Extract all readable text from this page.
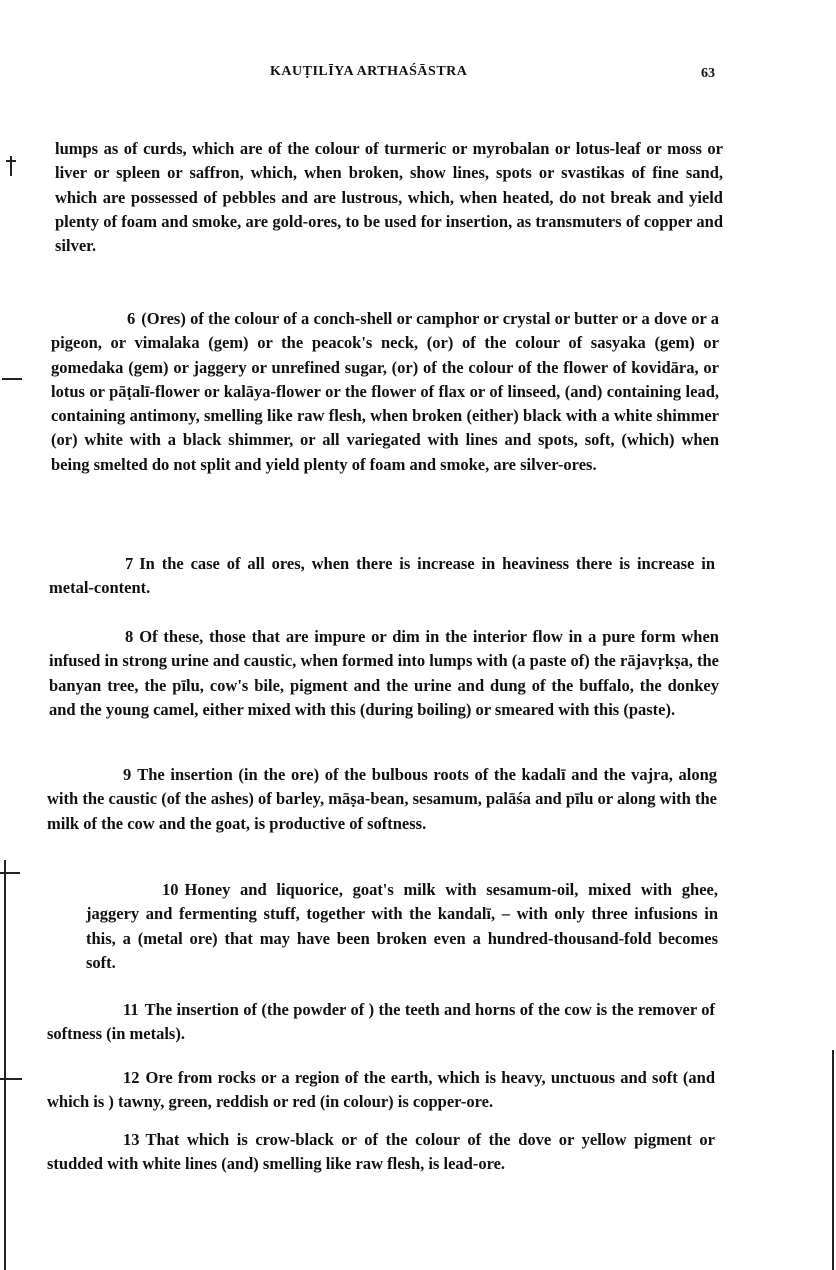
KAUṬILĪYA ARTHAŚĀSTRA	63

lumps as of curds, which are of the colour of turmeric or myrobalan or lotus-leaf or moss or liver or spleen or saffron, which, when broken, show lines, spots or svastikas of fine sand, which are possessed of pebbles and are lustrous, which, when heated, do not break and yield plenty of foam and smoke, are gold-ores, to be used for insertion, as transmuters of copper and silver.

6 (Ores) of the colour of a conch-shell or camphor or crystal or butter or a dove or a pigeon, or vimalaka (gem) or the peacok's neck, (or) of the colour of sasyaka (gem) or gomedaka (gem) or jaggery or unrefined sugar, (or) of the colour of the flower of kovidāra, or lotus or pāṭalī-flower or kalāya-flower or the flower of flax or of linseed, (and) containing lead, containing antimony, smelling like raw flesh, when broken (either) black with a white shimmer (or) white with a black shimmer, or all variegated with lines and spots, soft, (which) when being smelted do not split and yield plenty of foam and smoke, are silver-ores.

7 In the case of all ores, when there is increase in heaviness there is increase in metal-content.

8 Of these, those that are impure or dim in the interior flow in a pure form when infused in strong urine and caustic, when formed into lumps with (a paste of) the rājavṛkṣa, the banyan tree, the pīlu, cow's bile, pigment and the urine and dung of the buffalo, the donkey and the young camel, either mixed with this (during boiling) or smeared with this (paste).

9 The insertion (in the ore) of the bulbous roots of the kadalī and the vajra, along with the caustic (of the ashes) of barley, māṣa-bean, sesamum, palāśa and pīlu or along with the milk of the cow and the goat, is productive of softness.

10 Honey and liquorice, goat's milk with sesamum-oil, mixed with ghee, jaggery and fermenting stuff, together with the kandalī, – with only three infusions in this, a (metal ore) that may have been broken even a hundred-thousand-fold becomes soft.

11 The insertion of (the powder of ) the teeth and horns of the cow is the remover of softness (in metals).

12 Ore from rocks or a region of the earth, which is heavy, unctuous and soft (and which is ) tawny, green, reddish or red (in colour) is copper-ore.

13 That which is crow-black or of the colour of the dove or yellow pigment or studded with white lines (and) smelling like raw flesh, is lead-ore.
